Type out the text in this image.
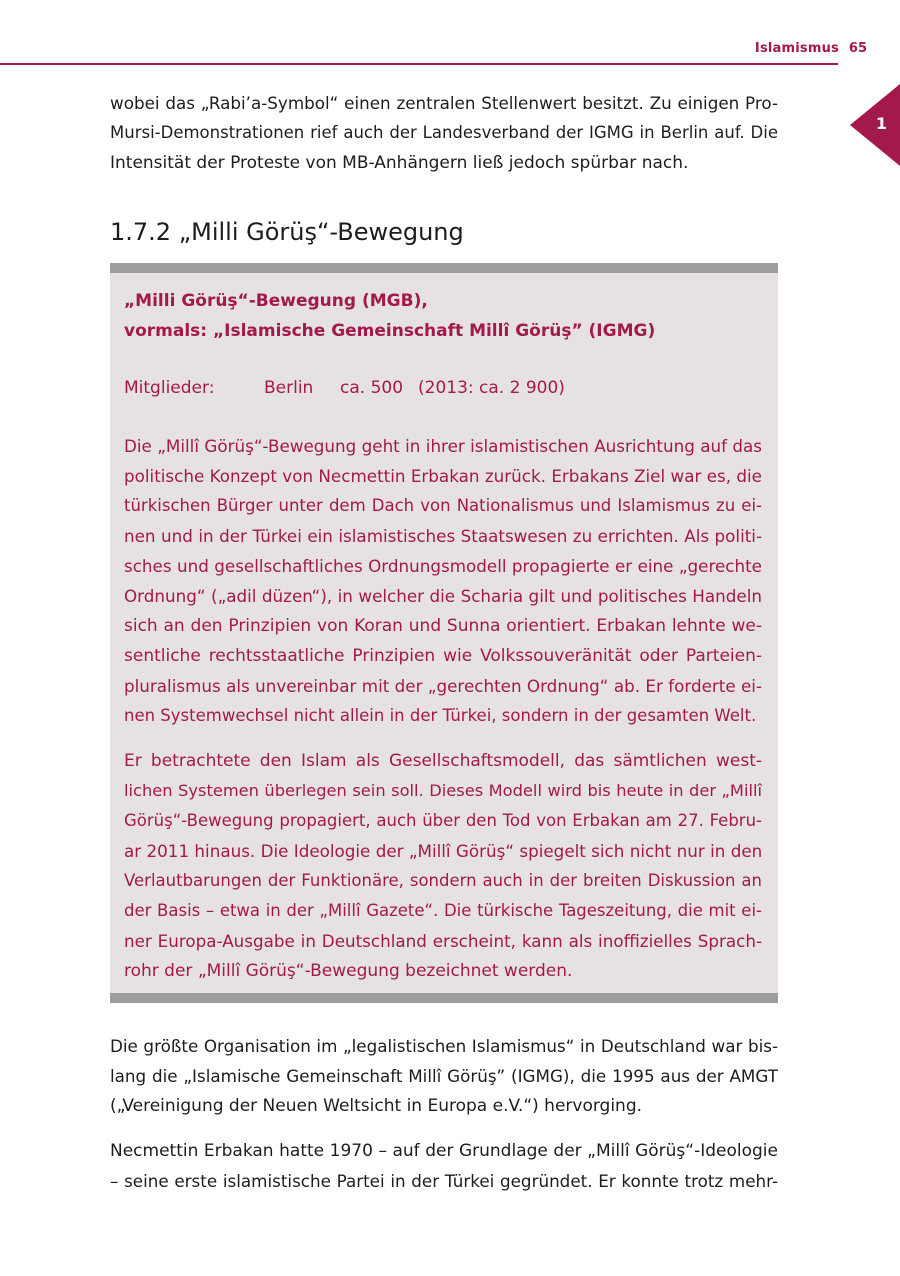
Islamismus 65
1

wobei das „Rabi’a-Symbol“ einen zentralen Stellenwert besitzt. Zu einigen Pro-
Mursi-Demonstrationen rief auch der Landesverband der IGMG in Berlin auf. Die
Intensität der Proteste von MB-Anhängern ließ jedoch spürbar nach.

1.7.2 „Milli Görüş“-Bewegung
„Milli Görüş“-Bewegung (MGB),
vormals: „Islamische Gemeinschaft Millî Görüş” (IGMG)
Mitglieder:	Berlin ca. 500 (2013: ca. 2 900)

Die „Millî Görüş“-Bewegung geht in ihrer islamistischen Ausrichtung auf das
politische Konzept von Necmettin Erbakan zurück. Erbakans Ziel war es, die
türkischen Bürger unter dem Dach von Nationalismus und Islamismus zu ei-
nen und in der Türkei ein islamistisches Staatswesen zu errichten. Als politi-
sches und gesellschaftliches Ordnungsmodell propagierte er eine „gerechte
Ordnung“ („adil düzen“), in welcher die Scharia gilt und politisches Handeln
sich an den Prinzipien von Koran und Sunna orientiert. Erbakan lehnte we-
sentliche rechtsstaatliche Prinzipien wie Volkssouveränität oder Parteien-
pluralismus als unvereinbar mit der „gerechten Ordnung“ ab. Er forderte ei-
nen Systemwechsel nicht allein in der Türkei, sondern in der gesamten Welt.

Er betrachtete den Islam als Gesellschaftsmodell, das sämtlichen west-
lichen Systemen überlegen sein soll. Dieses Modell wird bis heute in der „Millî
Görüş“-Bewegung propagiert, auch über den Tod von Erbakan am 27. Febru-
ar 2011 hinaus. Die Ideologie der „Millî Görüş“ spiegelt sich nicht nur in den
Verlautbarungen der Funktionäre, sondern auch in der breiten Diskussion an
der Basis – etwa in der „Millî Gazete“. Die türkische Tageszeitung, die mit ei-
ner Europa-Ausgabe in Deutschland erscheint, kann als inoffizielles Sprach-
rohr der „Millî Görüş“-Bewegung bezeichnet werden.

Die größte Organisation im „legalistischen Islamismus“ in Deutschland war bis-
lang die „Islamische Gemeinschaft Millî Görüş” (IGMG), die 1995 aus der AMGT
(„Vereinigung der Neuen Weltsicht in Europa e.V.“) hervorging.

Necmettin Erbakan hatte 1970 – auf der Grundlage der „Millî Görüş“-Ideologie
– seine erste islamistische Partei in der Türkei gegründet. Er konnte trotz mehr-
